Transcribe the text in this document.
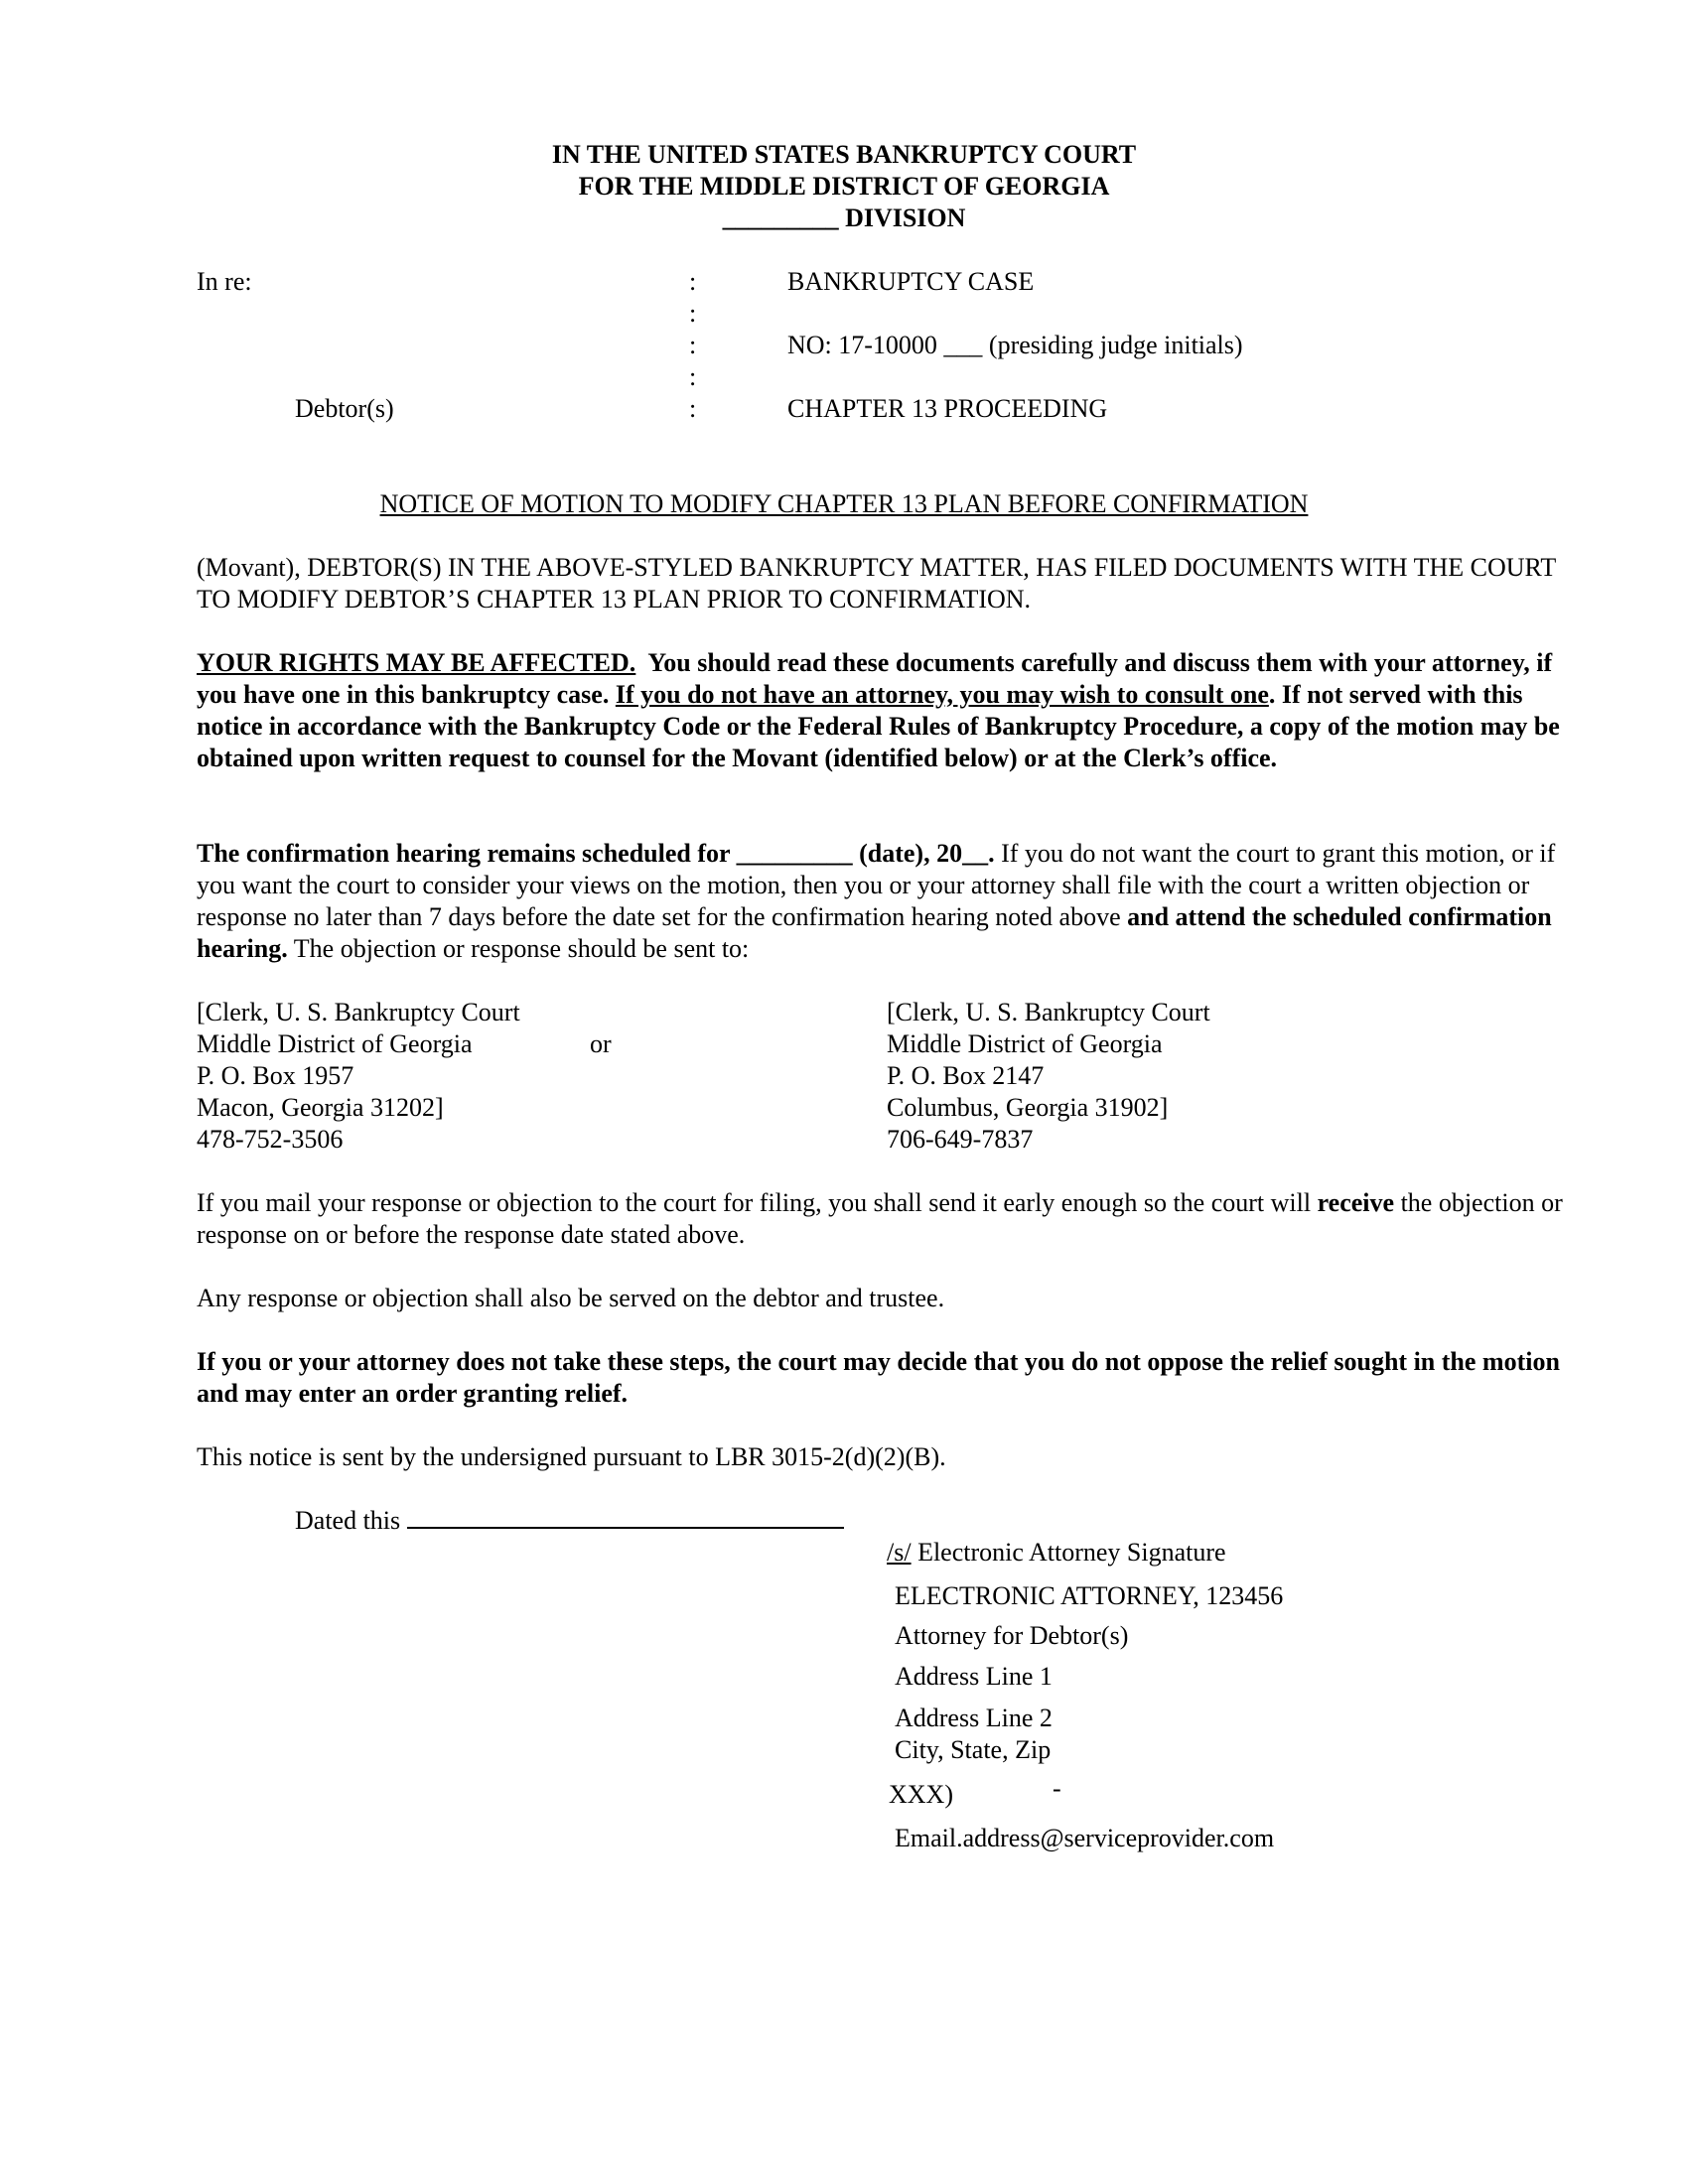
IN THE UNITED STATES BANKRUPTCY COURT
FOR THE MIDDLE DISTRICT OF GEORGIA
_________ DIVISION
In re:
Debtor(s)
:
:
:
:
:
BANKRUPTCY CASE
NO: 17-10000 ___ (presiding judge initials)
CHAPTER 13 PROCEEDING
NOTICE OF MOTION TO MODIFY CHAPTER 13 PLAN BEFORE CONFIRMATION
(Movant), DEBTOR(S) IN THE ABOVE-STYLED BANKRUPTCY MATTER, HAS FILED DOCUMENTS WITH THE COURT TO MODIFY DEBTOR’S CHAPTER 13 PLAN PRIOR TO CONFIRMATION.
YOUR RIGHTS MAY BE AFFECTED. You should read these documents carefully and discuss them with your attorney, if you have one in this bankruptcy case. If you do not have an attorney, you may wish to consult one. If not served with this notice in accordance with the Bankruptcy Code or the Federal Rules of Bankruptcy Procedure, a copy of the motion may be obtained upon written request to counsel for the Movant (identified below) or at the Clerk’s office.
The confirmation hearing remains scheduled for _________ (date), 20__. If you do not want the court to grant this motion, or if you want the court to consider your views on the motion, then you or your attorney shall file with the court a written objection or response no later than 7 days before the date set for the confirmation hearing noted above and attend the scheduled confirmation hearing. The objection or response should be sent to:
[Clerk, U. S. Bankruptcy Court
Middle District of Georgia
P. O. Box 1957
Macon, Georgia 31202]
478-752-3506
or
[Clerk, U. S. Bankruptcy Court
Middle District of Georgia
P. O. Box 2147
Columbus, Georgia 31902]
706-649-7837
If you mail your response or objection to the court for filing, you shall send it early enough so the court will receive the objection or response on or before the response date stated above.
Any response or objection shall also be served on the debtor and trustee.
If you or your attorney does not take these steps, the court may decide that you do not oppose the relief sought in the motion and may enter an order granting relief.
This notice is sent by the undersigned pursuant to LBR 3015-2(d)(2)(B).
Dated this
/s/ Electronic Attorney Signature
ELECTRONIC ATTORNEY, 123456
Attorney for Debtor(s)
Address Line 1
Address Line 2
City, State, Zip
XXX)	-
Email.address@serviceprovider.com
